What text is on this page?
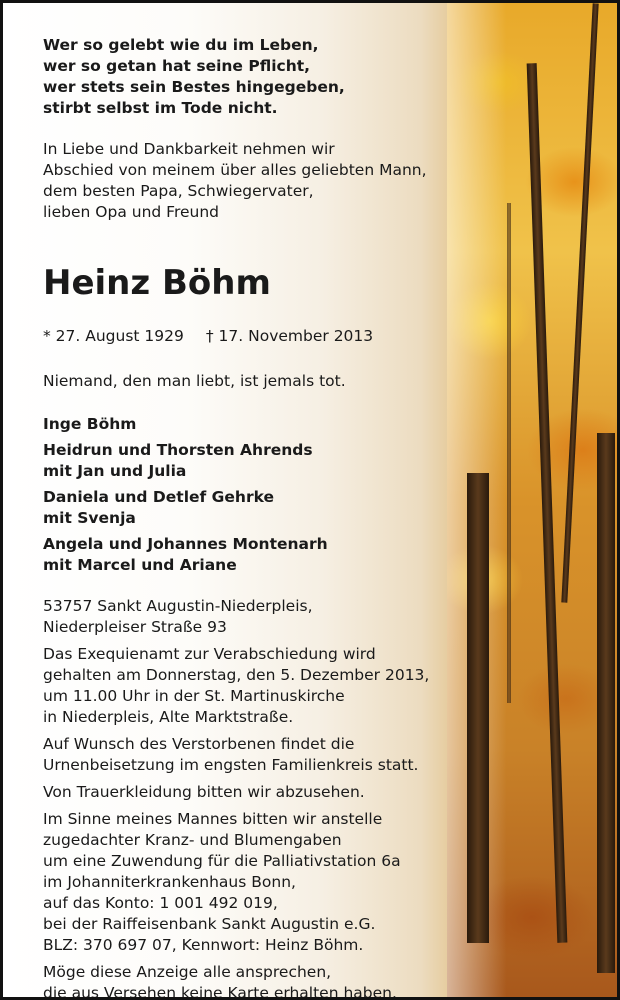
Wer so gelebt wie du im Leben,
wer so getan hat seine Pflicht,
wer stets sein Bestes hingegeben,
stirbt selbst im Tode nicht.
In Liebe und Dankbarkeit nehmen wir
Abschied von meinem über alles geliebten Mann,
dem besten Papa, Schwiegervater,
lieben Opa und Freund
Heinz Böhm
* 27. August 1929 † 17. November 2013
Niemand, den man liebt, ist jemals tot.
Inge Böhm
Heidrun und Thorsten Ahrends
mit Jan und Julia
Daniela und Detlef Gehrke
mit Svenja
Angela und Johannes Montenarh
mit Marcel und Ariane
53757 Sankt Augustin-Niederpleis,
Niederpleiser Straße 93
Das Exequienamt zur Verabschiedung wird
gehalten am Donnerstag, den 5. Dezember 2013,
um 11.00 Uhr in der St. Martinuskirche
in Niederpleis, Alte Marktstraße.
Auf Wunsch des Verstorbenen findet die
Urnenbeisetzung im engsten Familienkreis statt.
Von Trauerkleidung bitten wir abzusehen.
Im Sinne meines Mannes bitten wir anstelle
zugedachter Kranz- und Blumengaben
um eine Zuwendung für die Palliativstation 6a
im Johanniterkrankenhaus Bonn,
auf das Konto: 1 001 492 019,
bei der Raiffeisenbank Sankt Augustin e.G.
BLZ: 370 697 07, Kennwort: Heinz Böhm.
Möge diese Anzeige alle ansprechen,
die aus Versehen keine Karte erhalten haben.
